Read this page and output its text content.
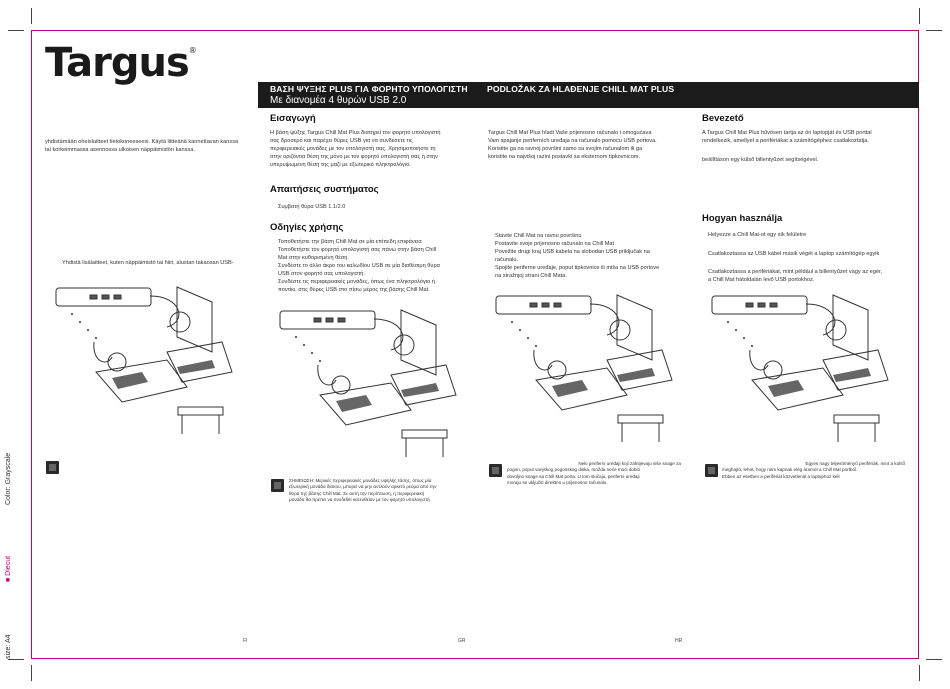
Color: Grayscale
■ Diecut
size: A4
Targus®
ΒΑΣΗ ΨΥΞΗΣ PLUS ΓΙΑ ΦΟΡΗΤΟ ΥΠΟΛΟΓΙΣΤΗ
Με διανομέα 4 θυρών USB 2.0
PODLOŽAK ZA HLAĐENJE CHILL MAT PLUS
yhdistämään oheislaitteet tietokoneeseesi. Käytä liitteänä kannettavan kanssa tai korkeimmassa asennossa ulkoisen näppäimistön kanssa.
Yhdistä lisälaitteet, kuten näppäimistö tai hiiri, alustan takaosan USB-
FI
Εισαγωγή
Η βάση ψύξης Targus Chill Mat Plus διατηρεί τον φορητό υπολογιστή
σας δροσερό και παρέχει θύρες USB για να συνδέσετε τις
περιφερειακές μονάδες με τον υπολογιστή σας. Χρησιμοποιήστε τη
στην οριζόντια θέση της μόνο με τον φορητό υπολογιστή σας ή στην
υπερυψωμένη θέση της μαζί με εξωτερικό πληκτρολόγιο.
Απαιτήσεις συστήματος
Συμβατή θύρα USB 1.1/2.0
Οδηγίες χρήσης
Τοποθετήστε την βάση Chill Mat σε μία επίπεδη επιφάνεια
Τοποθετήστε τον φορητό υπολογιστή σας πάνω στην βάση Chill
Mat στην κυθορισμένη θέση.
Συνδέστε το άλλο άκρο του καλωδίου USB σε μία διαθέσιμη θύρα
USB στον φορητό σας υπολογιστή.
Συνδέστε τις περιφερειακές μονάδες, όπως ένα πληκτρολόγιο ή
ποντίκι, στις θύρες USB στο πίσω μέρος της βάσης Chill Mat.
ΣΗΜΕΙΩΣΗ: Μερικές περιφερειακές μονάδες υψηλής τάσης, όπως μία
εξωτερική μονάδα δίσκου, μπορεί να μην αντλούν αρκετό ρεύμα από την
θύρα της βάσης Chill Mat. Σε αυτή την περίπτωση, η περιφερειακή
μονάδα θα πρέπει να συνδεθεί κατευθείαν με τον φορητό υπολογιστή.
GR
Targus Chill Mat Plus hladi Vaše prijenosno računalo i omogućava
Vam spajanje periferních uređaja na računalo pomoću USB portova.
Koristite ga na ravnoj površini samo sa svojim računalom ili ga
koristite na najvišoj razini postavki sa eksternom tipkovnicom.
Stavite Chill Mat na ravnu površinu
Postavite svoje prijenosno računalo na Chill Mat
Povežite drugi kraj USB kabela na slobodan USB priključak na
računalu.
Spojite periferne uređaje, poput tipkovnice ili miša na USB portove
na stražnjoj strani Chill Mata.
Neki periferni uređaji koji zahtijevaju više snage za
pogon, poput vanjskog pogonskog diska, možda neće moći dobiti
dovoljno snage sa Chill Mat porta. U tom slučaju, periferni uređaji
moraju se uključiti direktno u prijenosno računalo.
HR
Bevezető
A Targus Chill Mat Plus hűvösen tartja az ön laptopját és USB porttal
rendelkezik, amellyel a perifériákat a számítógéphez csatlakoztatja.
beállításon egy külső billentyűzet segítségével.
Hogyan használja
Helyezze a Chill Mat-ot egy sík felületre
Csatlakoztassa az USB kábel másik végét a laptop számítógép egyik
Csatlakoztassa a perifériákat, mint például a billentyűzet vagy az egér,
a Chill Mat hátoldalán levő USB portokhoz.
Egyes nagy teljesítményű perifériák, mint a külső
meghajtó, lehet, hogy nem kapnak elég áramot a Chill Mat portból.
Ebben az esetben a perifériát közvetlenül a laptophoz kell
